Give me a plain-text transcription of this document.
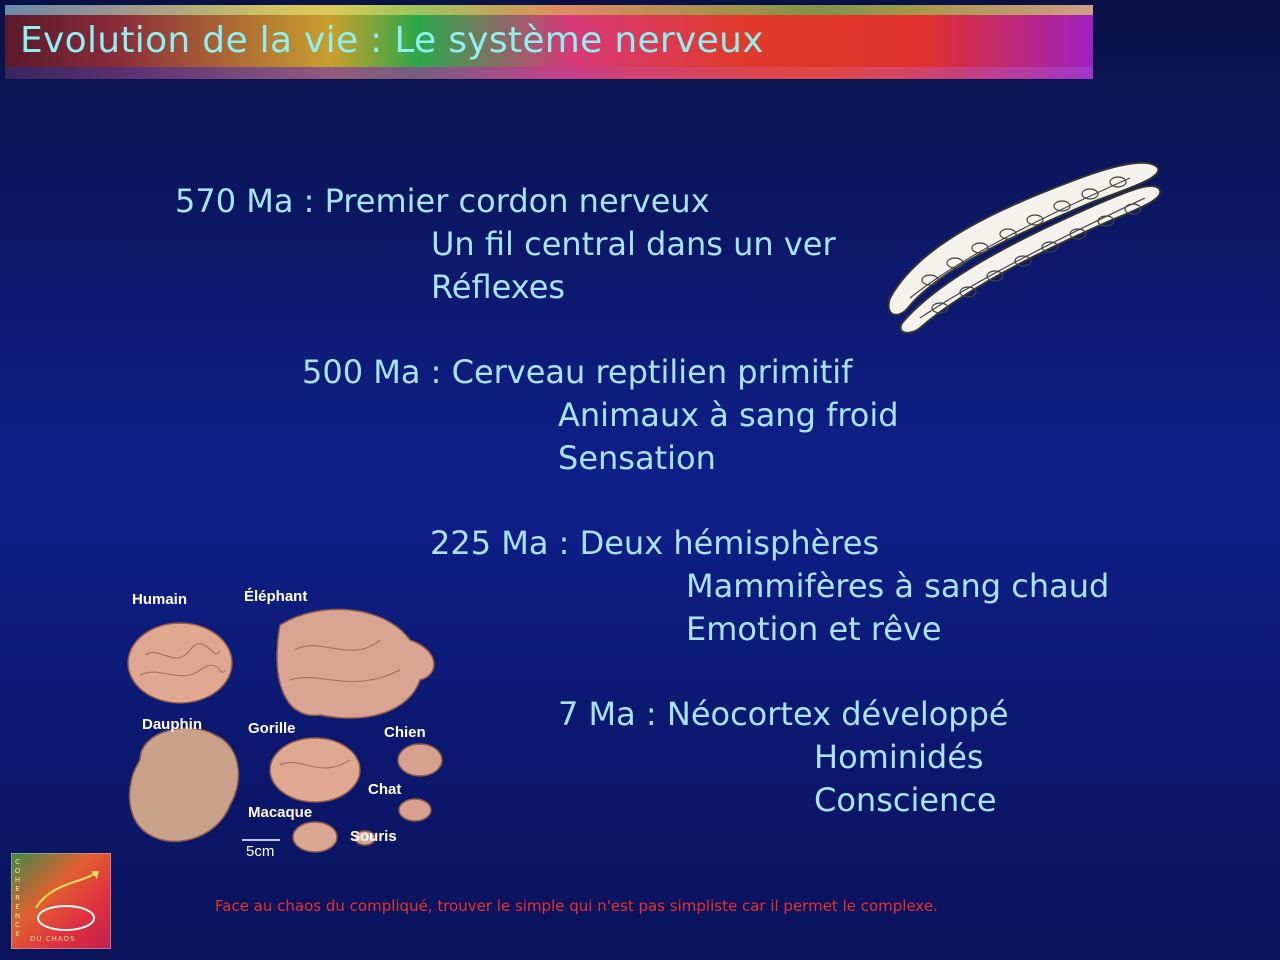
Evolution de la vie : Le système nerveux

570 Ma : Premier cordon nerveux

Un fil central dans un ver

Réflexes

500 Ma : Cerveau reptilien primitif

Animaux à sang froid

Sensation

225 Ma : Deux hémisphères

Mammifères à sang chaud

Emotion et rêve

7 Ma : Néocortex développé

Hominidés

Conscience

Humain	Éléphant
Dauphin	Gorille	Chien
Chat
Macaque
Souris
5cm
COHERENCE
DU CHAOS

Face au chaos du compliqué, trouver le simple qui n'est pas simpliste car il permet le complexe.
